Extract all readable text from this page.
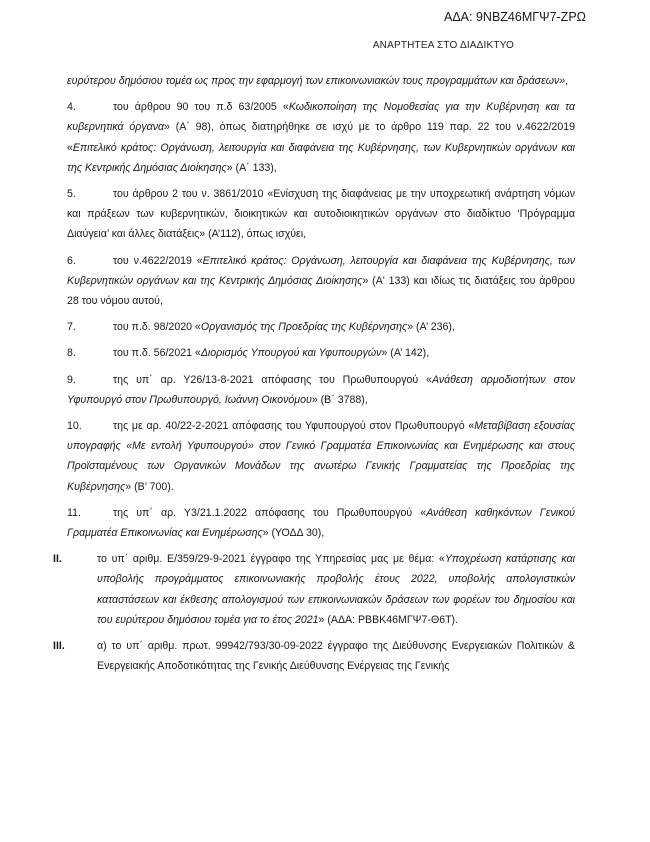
ΑΔΑ: 9ΝΒΖ46ΜΓΨ7-ΖΡΩ
ΑΝΑΡΤΗΤΕΑ ΣΤΟ ΔΙΑΔΙΚΤΥΟ

ευρύτερου δημόσιου τομέα ως προς την εφαρμογή των επικοινωνιακών τους προγραμμάτων και δράσεων»,

4.	του άρθρου 90 του π.δ 63/2005 «Κωδικοποίηση της Νομοθεσίας για την Κυβέρνηση και τα κυβερνητικά όργανα» (Α΄ 98), όπως διατηρήθηκε σε ισχύ με το άρθρο 119 παρ. 22 του ν.4622/2019 «Επιτελικό κράτος: Οργάνωση, λειτουργία και διαφάνεια της Κυβέρνησης, των Κυβερνητικών οργάνων και της Κεντρικής Δημόσιας Διοίκησης» (Α΄ 133),

5.	του άρθρου 2 του ν. 3861/2010 «Ενίσχυση της διαφάνειας με την υποχρεωτική ανάρτηση νόμων και πράξεων των κυβερνητικών, διοικητικών και αυτοδιοικητικών οργάνων στο διαδίκτυο ‘Πρόγραμμα Διαύγεια’ και άλλες διατάξεις» (Α’112), όπως ισχύει,

6.	του ν.4622/2019 «Επιτελικό κράτος: Οργάνωση, λειτουργία και διαφάνεια της Κυβέρνησης, των Κυβερνητικών οργάνων και της Κεντρικής Δημόσιας Διοίκησης» (Α' 133) και ιδίως τις διατάξεις του άρθρου 28 του νόμου αυτού,

7.	του π.δ. 98/2020 «Οργανισμός της Προεδρίας της Κυβέρνησης» (Α’ 236),

8.	του π.δ. 56/2021 «Διορισμός Υπουργού και Υφυπουργών» (Α’ 142),

9.	της υπ΄ αρ. Υ26/13-8-2021 απόφασης του Πρωθυπουργού «Ανάθεση αρμοδιοτήτων στον Υφυπουργό στον Πρωθυπουργό, Ιωάννη Οικονόμου» (Β΄ 3788),

10.	της με αρ. 40/22-2-2021 απόφασης του Υφυπουργού στον Πρωθυπουργό «Μεταβίβαση εξουσίας υπογραφής «Με εντολή Υφυπουργού» στον Γενικό Γραμματέα Επικοινωνίας και Ενημέρωσης και στους Προϊσταμένους των Οργανικών Μονάδων της ανωτέρω Γενικής Γραμματείας της Προεδρίας της Κυβέρνησης» (Β’ 700).

11.	της υπ΄ αρ. Υ3/21.1.2022 απόφασης του Πρωθυπουργού «Ανάθεση καθηκόντων Γενικού Γραμματέα Επικοινωνίας και Ενημέρωσης» (ΥΟΔΔ 30),

II.	το υπ΄ αριθμ. Ε/359/29-9-2021 έγγραφο της Υπηρεσίας μας με θέμα: «Υποχρέωση κατάρτισης και υποβολής προγράμματος επικοινωνιακής προβολής έτους 2022, υποβολής απολογιστικών καταστάσεων και έκθεσης απολογισμού των επικοινωνιακών δράσεων των φορέων του δημοσίου και του ευρύτερου δημόσιου τομέα για το έτος 2021» (ΑΔΑ: ΡΒΒΚ46ΜΓΨ7-Θ6Τ).

III.	α) το υπ΄ αριθμ. πρωτ. 99942/793/30-09-2022 έγγραφο της Διεύθυνσης Ενεργειακών Πολιτικών & Ενεργειακής Αποδοτικότητας της Γενικής Διεύθυνσης Ενέργειας της Γενικής
